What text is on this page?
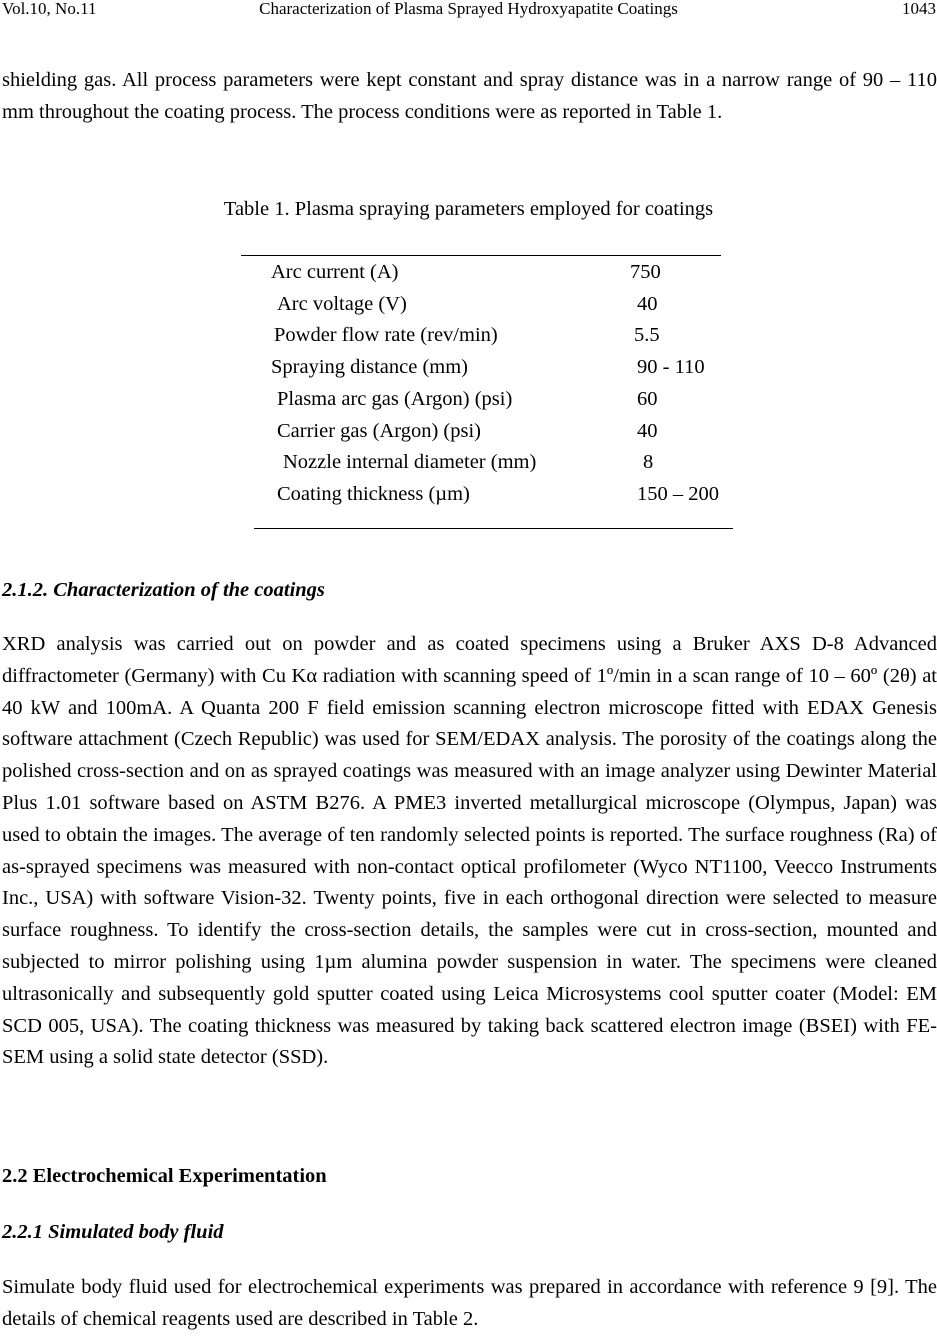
Vol.10, No.11	Characterization of Plasma Sprayed Hydroxyapatite Coatings	1043

shielding gas. All process parameters were kept constant and spray distance was in a narrow range of 90 – 110 mm throughout the coating process. The process conditions were as reported in Table 1.

Table 1. Plasma spraying parameters employed for coatings
Arc current (A)	750
Arc voltage (V)	40
Powder flow rate (rev/min)	5.5
Spraying distance (mm)	90 - 110
Plasma arc gas (Argon) (psi)	60
Carrier gas (Argon) (psi)	40
Nozzle internal diameter (mm)	8
Coating thickness (µm)	150 – 200
2.1.2. Characterization of the coatings

XRD analysis was carried out on powder and as coated specimens using a Bruker AXS D-8 Advanced diffractometer (Germany) with Cu Kα radiation with scanning speed of 1º/min in a scan range of 10 – 60º (2θ) at 40 kW and 100mA. A Quanta 200 F field emission scanning electron microscope fitted with EDAX Genesis software attachment (Czech Republic) was used for SEM/EDAX analysis. The porosity of the coatings along the polished cross-section and on as sprayed coatings was measured with an image analyzer using Dewinter Material Plus 1.01 software based on ASTM B276. A PME3 inverted metallurgical microscope (Olympus, Japan) was used to obtain the images. The average of ten randomly selected points is reported. The surface roughness (Ra) of as-sprayed specimens was measured with non-contact optical profilometer (Wyco NT1100, Veecco Instruments Inc., USA) with software Vision-32. Twenty points, five in each orthogonal direction were selected to measure surface roughness. To identify the cross-section details, the samples were cut in cross-section, mounted and subjected to mirror polishing using 1µm alumina powder suspension in water. The specimens were cleaned ultrasonically and subsequently gold sputter coated using Leica Microsystems cool sputter coater (Model: EM SCD 005, USA). The coating thickness was measured by taking back scattered electron image (BSEI) with FE-SEM using a solid state detector (SSD).

2.2 Electrochemical Experimentation
2.2.1 Simulated body fluid

Simulate body fluid used for electrochemical experiments was prepared in accordance with reference 9 [9]. The details of chemical reagents used are described in Table 2.
